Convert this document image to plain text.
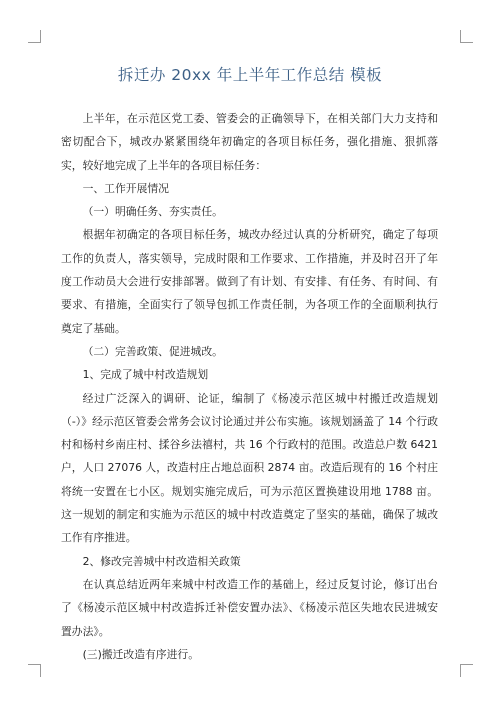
拆迁办 20xx 年上半年工作总结 模板

上半年，在示范区党工委、管委会的正确领导下，在相关部门大力支持和密切配合下，城改办紧紧围绕年初确定的各项目标任务，强化措施、狠抓落实，较好地完成了上半年的各项目标任务：

一、工作开展情况

（一）明确任务、夯实责任。

根据年初确定的各项目标任务，城改办经过认真的分析研究，确定了每项工作的负责人，落实领导，完成时限和工作要求、工作措施，并及时召开了年度工作动员大会进行安排部署。做到了有计划、有安排、有任务、有时间、有要求、有措施，全面实行了领导包抓工作责任制，为各项工作的全面顺利执行奠定了基础。

（二）完善政策、促进城改。

1、完成了城中村改造规划

经过广泛深入的调研、论证，编制了《杨凌示范区城中村搬迁改造规划（-）》经示范区管委会常务会议讨论通过并公布实施。该规划涵盖了 14 个行政村和杨村乡南庄村、揉谷乡法禧村，共 16 个行政村的范围。改造总户数 6421 户，人口 27076 人，改造村庄占地总面积 2874 亩。改造后现有的 16 个村庄将统一安置在七小区。规划实施完成后，可为示范区置换建设用地 1788 亩。这一规划的制定和实施为示范区的城中村改造奠定了坚实的基础，确保了城改工作有序推进。

2、修改完善城中村改造相关政策

在认真总结近两年来城中村改造工作的基础上，经过反复讨论，修订出台了《杨凌示范区城中村改造拆迁补偿安置办法》、《杨凌示范区失地农民进城安置办法》。

(三)搬迁改造有序进行。
